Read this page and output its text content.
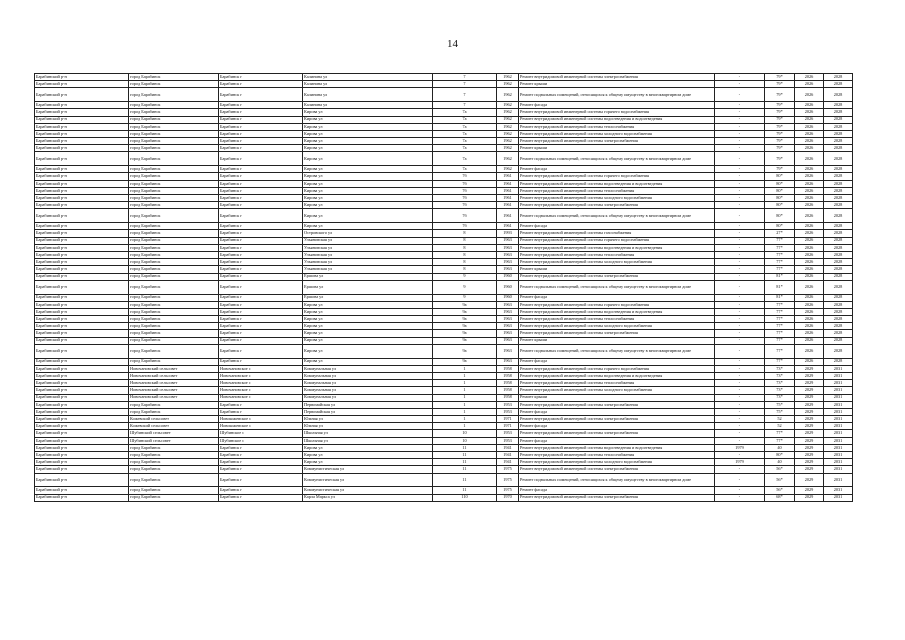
14
Барабинский р-н	город Барабинск	Барабинск г	Калинина ул	7	1962	Ремонт внутридомовой инженерной системы электроснабжения	-	79*	2026	2028
Барабинский р-н	город Барабинск	Барабинск г	Калинина ул	7	1962	Ремонт крыши	-	79*	2026	2028
Барабинский р-н	город Барабинск	Барабинск г	Калинина ул	7	1962	Ремонт подвальных помещений, относящихся к общему имуществу в многоквартирном доме	-	79*	2026	2028
Барабинский р-н	город Барабинск	Барабинск г	Калинина ул	7	1962	Ремонт фасада	-	79*	2026	2028
Барабинский р-н	город Барабинск	Барабинск г	Кирова ул	7а	1962	Ремонт внутридомовой инженерной системы горячего водоснабжения	-	79*	2026	2028
Барабинский р-н	город Барабинск	Барабинск г	Кирова ул	7а	1962	Ремонт внутридомовой инженерной системы водоотведения и водоотведения	-	79*	2026	2028
Барабинский р-н	город Барабинск	Барабинск г	Кирова ул	7а	1962	Ремонт внутридомовой инженерной системы теплоснабжения	-	79*	2026	2028
Барабинский р-н	город Барабинск	Барабинск г	Кирова ул	7а	1962	Ремонт внутридомовой инженерной системы холодного водоснабжения	-	79*	2026	2028
Барабинский р-н	город Барабинск	Барабинск г	Кирова ул	7а	1962	Ремонт внутридомовой инженерной системы электроснабжения	-	79*	2026	2028
Барабинский р-н	город Барабинск	Барабинск г	Кирова ул	7а	1962	Ремонт крыши	-	79*	2026	2028
Барабинский р-н	город Барабинск	Барабинск г	Кирова ул	7а	1962	Ремонт подвальных помещений, относящихся к общему имуществу в многоквартирном доме	-	79*	2026	2028
Барабинский р-н	город Барабинск	Барабинск г	Кирова ул	7а	1962	Ремонт фасада	-	79*	2026	2028
Барабинский р-н	город Барабинск	Барабинск г	Кирова ул	7б	1961	Ремонт внутридомовой инженерной системы горячего водоснабжения	-	80*	2026	2028
Барабинский р-н	город Барабинск	Барабинск г	Кирова ул	7б	1961	Ремонт внутридомовой инженерной системы водоотведения и водоотведения	-	80*	2026	2028
Барабинский р-н	город Барабинск	Барабинск г	Кирова ул	7б	1961	Ремонт внутридомовой инженерной системы теплоснабжения	-	80*	2026	2028
Барабинский р-н	город Барабинск	Барабинск г	Кирова ул	7б	1961	Ремонт внутридомовой инженерной системы холодного водоснабжения	-	80*	2026	2028
Барабинский р-н	город Барабинск	Барабинск г	Кирова ул	7б	1961	Ремонт внутридомовой инженерной системы электроснабжения	-	80*	2026	2028
Барабинский р-н	город Барабинск	Барабинск г	Кирова ул	7б	1961	Ремонт подвальных помещений, относящихся к общему имуществу в многоквартирном доме	-	80*	2026	2028
Барабинский р-н	город Барабинск	Барабинск г	Кирова ул	7б	1961	Ремонт фасада	-	80*	2026	2028
Барабинский р-н	город Барабинск	Барабинск г	Островского ул	8	1993	Ремонт внутридомовой инженерной системы газоснабжения	-	27*	2026	2028
Барабинский р-н	город Барабинск	Барабинск г	Ульяновская ул	8	1963	Ремонт внутридомовой инженерной системы горячего водоснабжения	-	77*	2026	2028
Барабинский р-н	город Барабинск	Барабинск г	Ульяновская ул	8	1963	Ремонт внутридомовой инженерной системы водоотведения и водоотведения	-	77*	2026	2028
Барабинский р-н	город Барабинск	Барабинск г	Ульяновская ул	8	1963	Ремонт внутридомовой инженерной системы теплоснабжения	-	77*	2026	2028
Барабинский р-н	город Барабинск	Барабинск г	Ульяновская ул	8	1963	Ремонт внутридомовой инженерной системы холодного водоснабжения	-	77*	2026	2028
Барабинский р-н	город Барабинск	Барабинск г	Ульяновская ул	8	1963	Ремонт крыши	-	77*	2026	2028
Барабинский р-н	город Барабинск	Барабинск г	Ершова ул	9	1960	Ремонт внутридомовой инженерной системы электроснабжения	-	81*	2026	2028
Барабинский р-н	город Барабинск	Барабинск г	Ершова ул	9	1960	Ремонт подвальных помещений, относящихся к общему имуществу в многоквартирном доме	-	81*	2026	2028
Барабинский р-н	город Барабинск	Барабинск г	Ершова ул	9	1960	Ремонт фасада	-	81*	2026	2028
Барабинский р-н	город Барабинск	Барабинск г	Кирова ул	9а	1963	Ремонт внутридомовой инженерной системы горячего водоснабжения	-	77*	2026	2028
Барабинский р-н	город Барабинск	Барабинск г	Кирова ул	9а	1963	Ремонт внутридомовой инженерной системы водоотведения и водоотведения	-	77*	2026	2028
Барабинский р-н	город Барабинск	Барабинск г	Кирова ул	9а	1963	Ремонт внутридомовой инженерной системы теплоснабжения	-	77*	2026	2028
Барабинский р-н	город Барабинск	Барабинск г	Кирова ул	9а	1963	Ремонт внутридомовой инженерной системы холодного водоснабжения	-	77*	2026	2028
Барабинский р-н	город Барабинск	Барабинск г	Кирова ул	9а	1963	Ремонт внутридомовой инженерной системы электроснабжения	-	77*	2026	2028
Барабинский р-н	город Барабинск	Барабинск г	Кирова ул	9а	1963	Ремонт крыши	-	77*	2026	2028
Барабинский р-н	город Барабинск	Барабинск г	Кирова ул	9а	1963	Ремонт подвальных помещений, относящихся к общему имуществу в многоквартирном доме	-	77*	2026	2028
Барабинский р-н	город Барабинск	Барабинск г	Кирова ул	9а	1963	Ремонт фасада	-	77*	2026	2028
Барабинский р-н	Новочановский сельсовет	Новочановское с	Коммунальная ул	1	1958	Ремонт внутридомовой инженерной системы горячего водоснабжения	-	73*	2029	2031
Барабинский р-н	Новочановский сельсовет	Новочановское с	Коммунальная ул	1	1958	Ремонт внутридомовой инженерной системы водоотведения и водоотведения	-	73*	2029	2031
Барабинский р-н	Новочановский сельсовет	Новочановское с	Коммунальная ул	1	1958	Ремонт внутридомовой инженерной системы теплоснабжения	-	73*	2029	2031
Барабинский р-н	Новочановский сельсовет	Новочановское с	Коммунальная ул	1	1958	Ремонт внутридомовой инженерной системы холодного водоснабжения	-	73*	2029	2031
Барабинский р-н	Новочановский сельсовет	Новочановское с	Коммунальная ул	1	1958	Ремонт крыши	-	73*	2029	2031
Барабинский р-н	город Барабинск	Барабинск г	Первомайская ул	1	1953	Ремонт внутридомовой инженерной системы электроснабжения	-	75*	2029	2031
Барабинский р-н	город Барабинск	Барабинск г	Первомайская ул	1	1953	Ремонт фасада	-	75*	2029	2031
Барабинский р-н	Кожевский сельсовет	Новокожевское с	Южная ул	1	1971	Ремонт внутридомовой инженерной системы электроснабжения	-	52	2029	2031
Барабинский р-н	Кожевский сельсовет	Новокожевское с	Южная ул	1	1971	Ремонт фасада	-	52	2029	2031
Барабинский р-н	Шубинский сельсовет	Шубинское с	Школьная ул	10	1953	Ремонт внутридомовой инженерной системы электроснабжения	-	77*	2029	2031
Барабинский р-н	Шубинский сельсовет	Шубинское с	Школьная ул	10	1953	Ремонт фасада	-	77*	2029	2031
Барабинский р-н	город Барабинск	Барабинск г	Кирова ул	11	1941	Ремонт внутридомовой инженерной системы водоотведения и водоотведения	1979	40	2029	2031
Барабинский р-н	город Барабинск	Барабинск г	Кирова ул	11	1941	Ремонт внутридомовой инженерной системы теплоснабжения	-	80*	2029	2031
Барабинский р-н	город Барабинск	Барабинск г	Кирова ул	11	1941	Ремонт внутридомовой инженерной системы холодного водоснабжения	1979	40	2029	2031
Барабинский р-н	город Барабинск	Барабинск г	Коммунистическая ул	11	1975	Ремонт внутридомовой инженерной системы электроснабжения	-	56*	2029	2031
Барабинский р-н	город Барабинск	Барабинск г	Коммунистическая ул	11	1975	Ремонт подвальных помещений, относящихся к общему имуществу в многоквартирном доме	-	56*	2029	2031
Барабинский р-н	город Барабинск	Барабинск г	Коммунистическая ул	11	1975	Ремонт фасада	-	56*	2029	2031
Барабинский р-н	город Барабинск	Барабинск г	Карла Маркса ул	110	1970	Ремонт внутридомовой инженерной системы электроснабжения	-	68*	2029	2031
